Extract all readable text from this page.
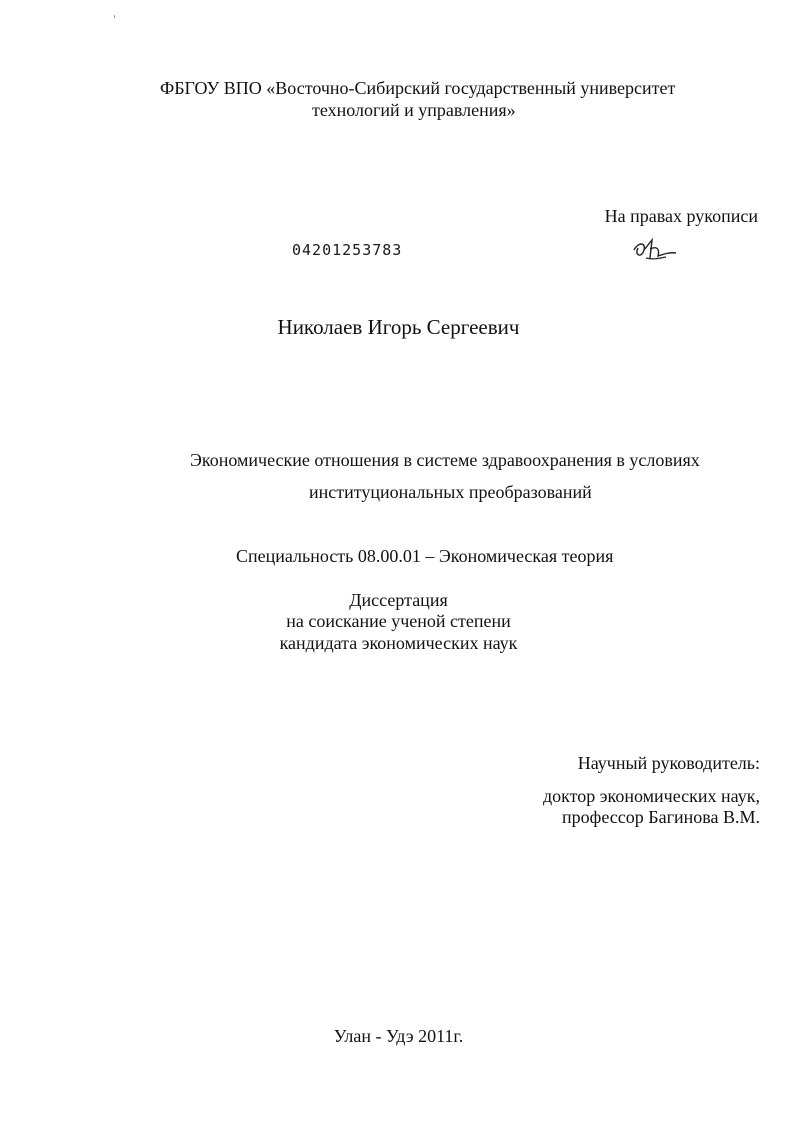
ФБГОУ ВПО «Восточно-Сибирский государственный университет
технологий и управления»
На правах рукописи
04201253783
Николаев Игорь Сергеевич
Экономические отношения в системе здравоохранения в условиях
институциональных преобразований
Специальность 08.00.01 – Экономическая теория
Диссертация
на соискание ученой степени
кандидата экономических наук
Научный руководитель:
доктор экономических наук,
профессор Багинова В.М.
Улан - Удэ 2011г.
